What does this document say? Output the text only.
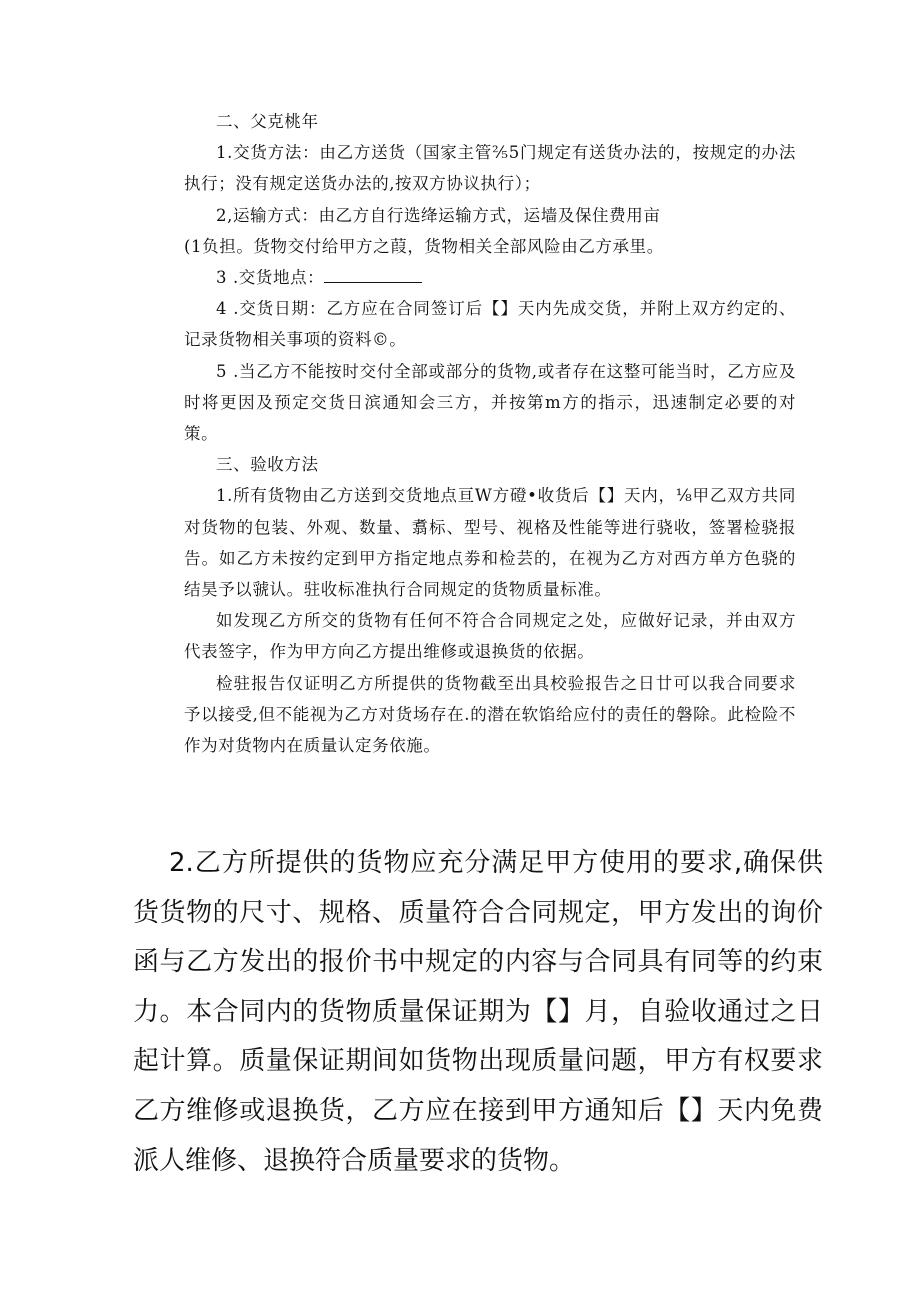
二、父克桃年

1.交货方法：由乙方送货（国家主管⅖5门规定有送货办法的，按规定的办法执行；没有规定送货办法的,按双方协议执行）；

2,运输方式：由乙方自行选绛运输方式，运墙及保住费用亩

(1负担。货物交付给甲方之葭，货物相关全部风险由乙方承里。

3 .交货地点：

4 .交货日期：乙方应在合同签订后【】天内先成交货，并附上双方约定的、记录货物相关事项的资料©。

5 .当乙方不能按时交付全部或部分的货物,或者存在这整可能当时，乙方应及时将更因及预定交货日滨通知会三方，并按第m方的指示，迅速制定必要的对策。

三、验收方法

1.所有货物由乙方送到交货地点亘W方磴•收货后【】天内，⅛甲乙双方共同对货物的包装、外观、数量、翥标、型号、视格及性能等进行骁收，签署检骁报告。如乙方未按约定到甲方指定地点劵和检芸的，在视为乙方对西方单方色骁的结昊予以虢认。驻收标准执行合同规定的货物质量标准。

如发现乙方所交的货物有任何不符合合同规定之处，应做好记录，并由双方代表签字，作为甲方向乙方提出维修或退换货的依据。

检驻报告仅证明乙方所提供的货物截至出具校验报告之日廿可以我合同要求予以接受,但不能视为乙方对货场存在.的潜在软馅给应付的责任的磐除。此检险不作为对货物内在质量认定务依施。

2.乙方所提供的货物应充分满足甲方使用的要求,确保供货货物的尺寸、规格、质量符合合同规定，甲方发出的询价函与乙方发出的报价书中规定的内容与合同具有同等的约束力。本合同内的货物质量保证期为【】月，自验收通过之日起计算。质量保证期间如货物出现质量问题，甲方有权要求乙方维修或退换货，乙方应在接到甲方通知后【】天内免费派人维修、退换符合质量要求的货物。
